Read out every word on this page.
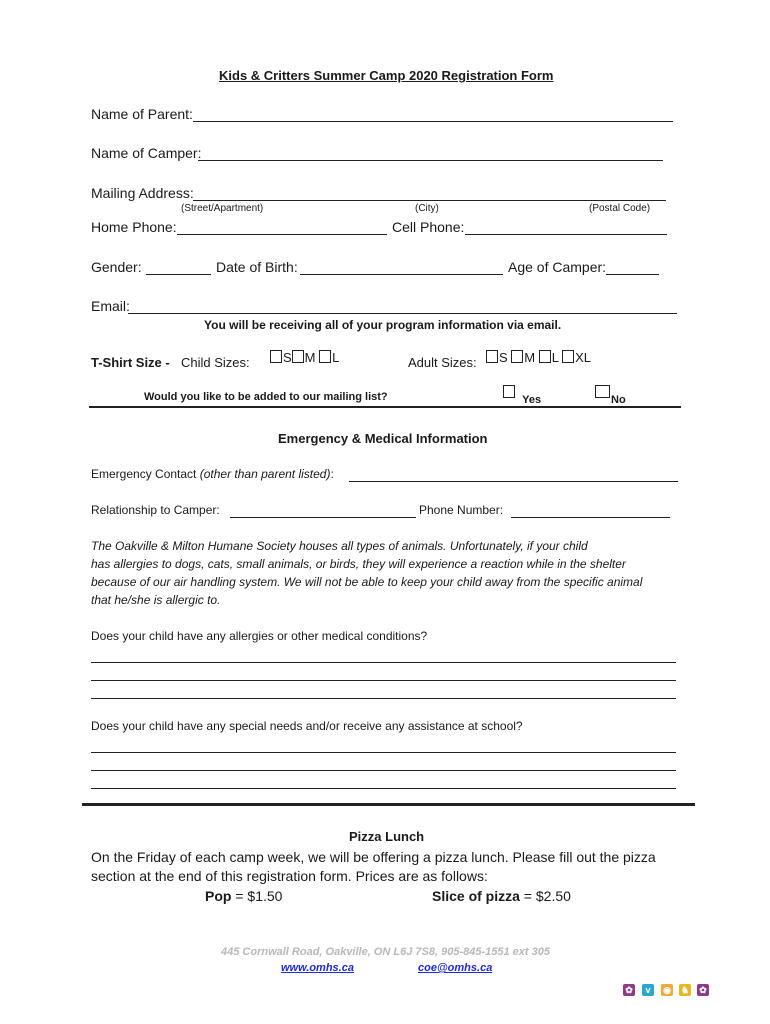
Kids & Critters Summer Camp 2020 Registration Form
Name of Parent:
Name of Camper:
Mailing Address:
(Street/Apartment)	(City)	(Postal Code)
Home Phone:	Cell Phone:
Gender:	Date of Birth:	Age of Camper:
Email:
You will be receiving all of your program information via email.
T-Shirt Size - Child Sizes:	S M L	Adult Sizes:	S M L XL
Would you like to be added to our mailing list?	Yes	No
Emergency & Medical Information
Emergency Contact (other than parent listed):
Relationship to Camper:	Phone Number:
The Oakville & Milton Humane Society houses all types of animals. Unfortunately, if your child
has allergies to dogs, cats, small animals, or birds, they will experience a reaction while in the shelter
because of our air handling system. We will not be able to keep your child away from the specific animal
that he/she is allergic to.
Does your child have any allergies or other medical conditions?
Does your child have any special needs and/or receive any assistance at school?
Pizza Lunch
On the Friday of each camp week, we will be offering a pizza lunch. Please fill out the pizza
section at the end of this registration form. Prices are as follows:
Pop = $1.50	Slice of pizza = $2.50
445 Cornwall Road, Oakville, ON L6J 7S8, 905-845-1551 ext 305
www.omhs.ca	coe@omhs.ca
✿	v	◉ ♞ ✿
